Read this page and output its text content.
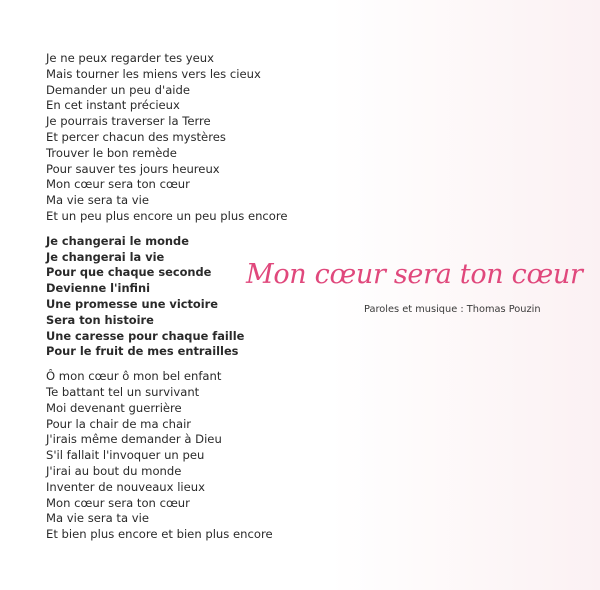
Je ne peux regarder tes yeux
Mais tourner les miens vers les cieux
Demander un peu d'aide
En cet instant précieux
Je pourrais traverser la Terre
Et percer chacun des mystères
Trouver le bon remède
Pour sauver tes jours heureux
Mon cœur sera ton cœur
Ma vie sera ta vie
Et un peu plus encore un peu plus encore
Je changerai le monde
Je changerai la vie
Pour que chaque seconde
Devienne l'infini
Une promesse une victoire
Sera ton histoire
Une caresse pour chaque faille
Pour le fruit de mes entrailles
Ô mon cœur ô mon bel enfant
Te battant tel un survivant
Moi devenant guerrière
Pour la chair de ma chair
J'irais même demander à Dieu
S'il fallait l'invoquer un peu
J'irai au bout du monde
Inventer de nouveaux lieux
Mon cœur sera ton cœur
Ma vie sera ta vie
Et bien plus encore et bien plus encore
Mon cœur sera ton cœur
Paroles et musique : Thomas Pouzin
